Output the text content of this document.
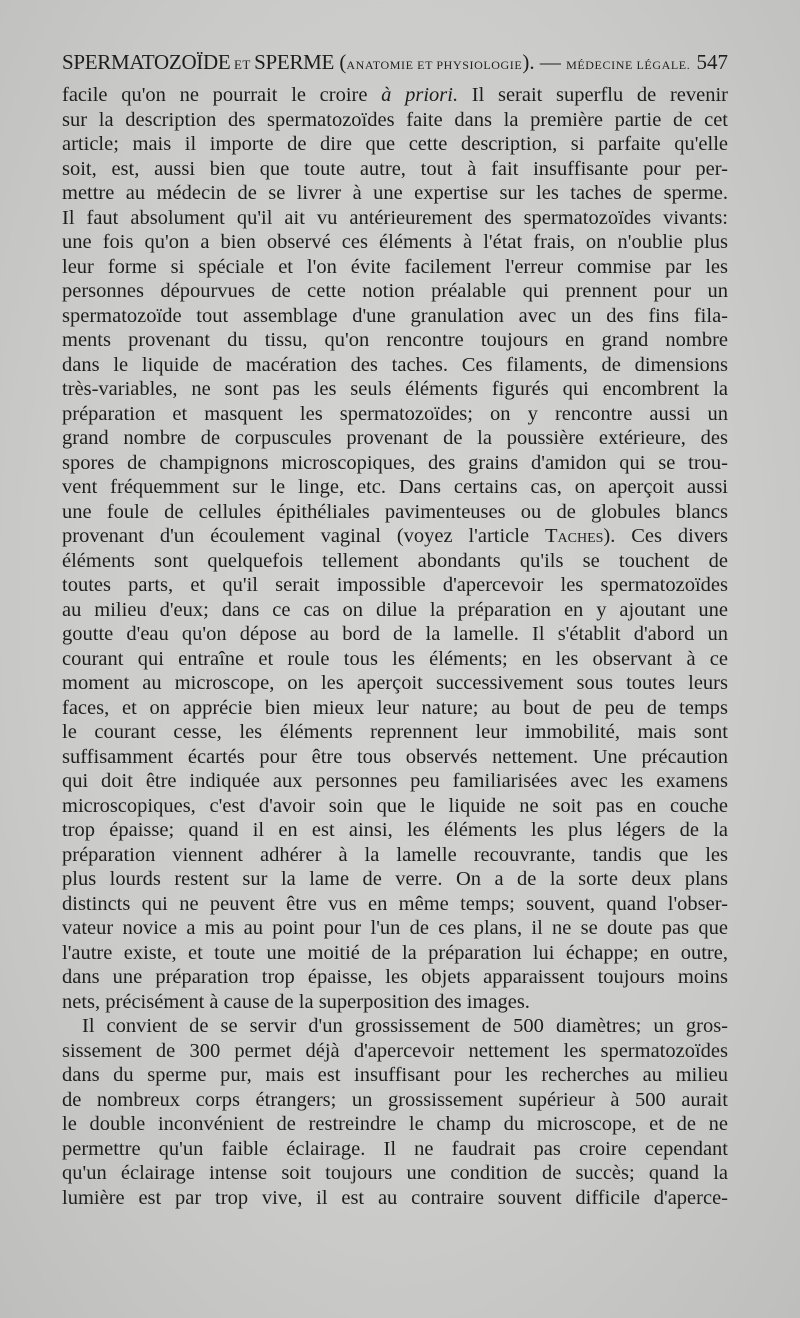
SPERMATOZOÏDE ET SPERME (ANATOMIE ET PHYSIOLOGIE). — MÉDECINE LÉGALE. 547
facile qu'on ne pourrait le croire à priori. Il serait superflu de revenir
sur la description des spermatozoïdes faite dans la première partie de cet
article; mais il importe de dire que cette description, si parfaite qu'elle
soit, est, aussi bien que toute autre, tout à fait insuffisante pour per-
mettre au médecin de se livrer à une expertise sur les taches de sperme.
Il faut absolument qu'il ait vu antérieurement des spermatozoïdes vivants:
une fois qu'on a bien observé ces éléments à l'état frais, on n'oublie plus
leur forme si spéciale et l'on évite facilement l'erreur commise par les
personnes dépourvues de cette notion préalable qui prennent pour un
spermatozoïde tout assemblage d'une granulation avec un des fins fila-
ments provenant du tissu, qu'on rencontre toujours en grand nombre
dans le liquide de macération des taches. Ces filaments, de dimensions
très-variables, ne sont pas les seuls éléments figurés qui encombrent la
préparation et masquent les spermatozoïdes; on y rencontre aussi un
grand nombre de corpuscules provenant de la poussière extérieure, des
spores de champignons microscopiques, des grains d'amidon qui se trou-
vent fréquemment sur le linge, etc. Dans certains cas, on aperçoit aussi
une foule de cellules épithéliales pavimenteuses ou de globules blancs
provenant d'un écoulement vaginal (voyez l'article Taches). Ces divers
éléments sont quelquefois tellement abondants qu'ils se touchent de
toutes parts, et qu'il serait impossible d'apercevoir les spermatozoïdes
au milieu d'eux; dans ce cas on dilue la préparation en y ajoutant une
goutte d'eau qu'on dépose au bord de la lamelle. Il s'établit d'abord un
courant qui entraîne et roule tous les éléments; en les observant à ce
moment au microscope, on les aperçoit successivement sous toutes leurs
faces, et on apprécie bien mieux leur nature; au bout de peu de temps
le courant cesse, les éléments reprennent leur immobilité, mais sont
suffisamment écartés pour être tous observés nettement. Une précaution
qui doit être indiquée aux personnes peu familiarisées avec les examens
microscopiques, c'est d'avoir soin que le liquide ne soit pas en couche
trop épaisse; quand il en est ainsi, les éléments les plus légers de la
préparation viennent adhérer à la lamelle recouvrante, tandis que les
plus lourds restent sur la lame de verre. On a de la sorte deux plans
distincts qui ne peuvent être vus en même temps; souvent, quand l'obser-
vateur novice a mis au point pour l'un de ces plans, il ne se doute pas que
l'autre existe, et toute une moitié de la préparation lui échappe; en outre,
dans une préparation trop épaisse, les objets apparaissent toujours moins
nets, précisément à cause de la superposition des images.
Il convient de se servir d'un grossissement de 500 diamètres; un gros-
sissement de 300 permet déjà d'apercevoir nettement les spermatozoïdes
dans du sperme pur, mais est insuffisant pour les recherches au milieu
de nombreux corps étrangers; un grossissement supérieur à 500 aurait
le double inconvénient de restreindre le champ du microscope, et de ne
permettre qu'un faible éclairage. Il ne faudrait pas croire cependant
qu'un éclairage intense soit toujours une condition de succès; quand la
lumière est par trop vive, il est au contraire souvent difficile d'aperce-
